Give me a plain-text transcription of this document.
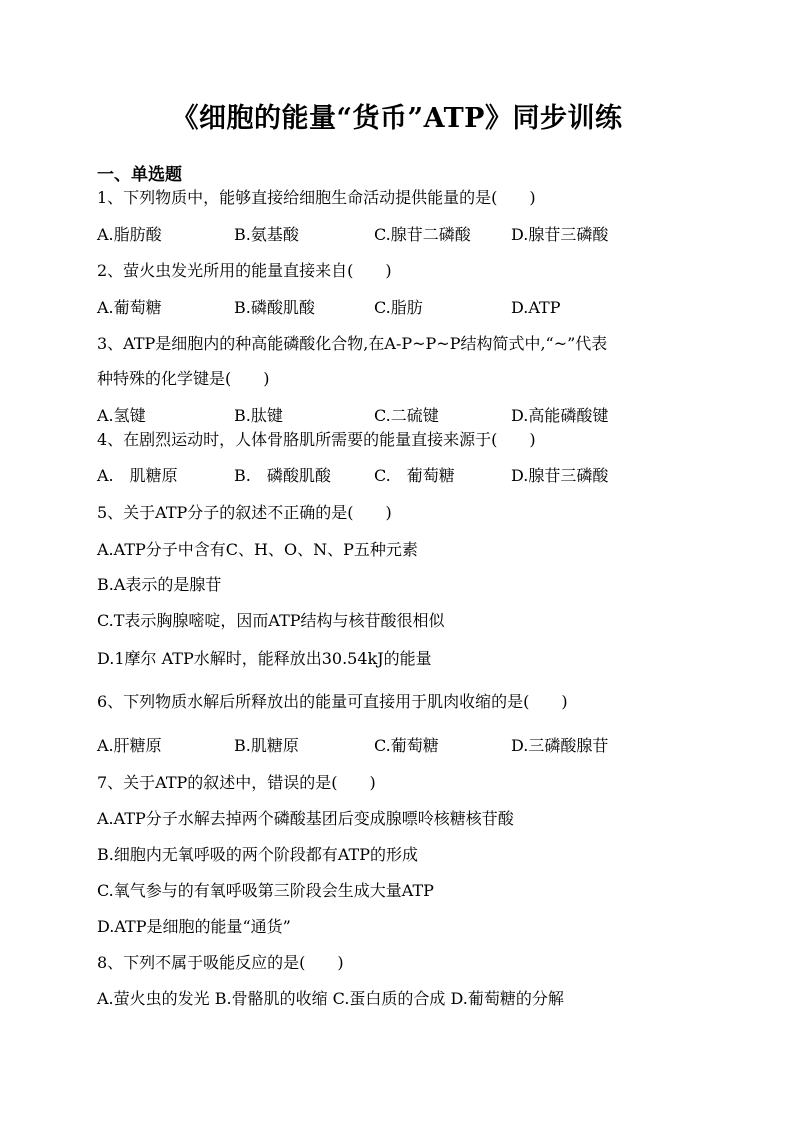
《细胞的能量“货币”ATP》同步训练
一、单选题
1、下列物质中，能够直接给细胞生命活动提供能量的是(　　)
A.脂肪酸	B.氨基酸	C.腺苷二磷酸	D.腺苷三磷酸
2、萤火虫发光所用的能量直接来自(　　)
A.葡萄糖	B.磷酸肌酸	C.脂肪	D.ATP
3、ATP是细胞内的种高能磷酸化合物,在A-P~P~P结构简式中,“~”代表
种特殊的化学键是(　　)
A.氢键	B.肽键	C.二硫键	D.高能磷酸键
4、在剧烈运动时，人体骨胳肌所需要的能量直接来源于(　　)
A.　肌糖原	B.　磷酸肌酸	C.　葡萄糖	D.腺苷三磷酸
5、关于ATP分子的叙述不正确的是(　　)
A.ATP分子中含有C、H、O、N、P五种元素
B.A表示的是腺苷
C.T表示胸腺嘧啶，因而ATP结构与核苷酸很相似
D.1摩尔 ATP水解时，能释放出30.54kJ的能量
6、下列物质水解后所释放出的能量可直接用于肌肉收缩的是(　　)
A.肝糖原	B.肌糖原	C.葡萄糖	D.三磷酸腺苷
7、关于ATP的叙述中，错误的是(　　)
A.ATP分子水解去掉两个磷酸基团后变成腺嘌呤核糖核苷酸
B.细胞内无氧呼吸的两个阶段都有ATP的形成
C.氧气参与的有氧呼吸第三阶段会生成大量ATP
D.ATP是细胞的能量“通货”
8、下列不属于吸能反应的是(　　)
A.萤火虫的发光 B.骨骼肌的收缩 C.蛋白质的合成 D.葡萄糖的分解
